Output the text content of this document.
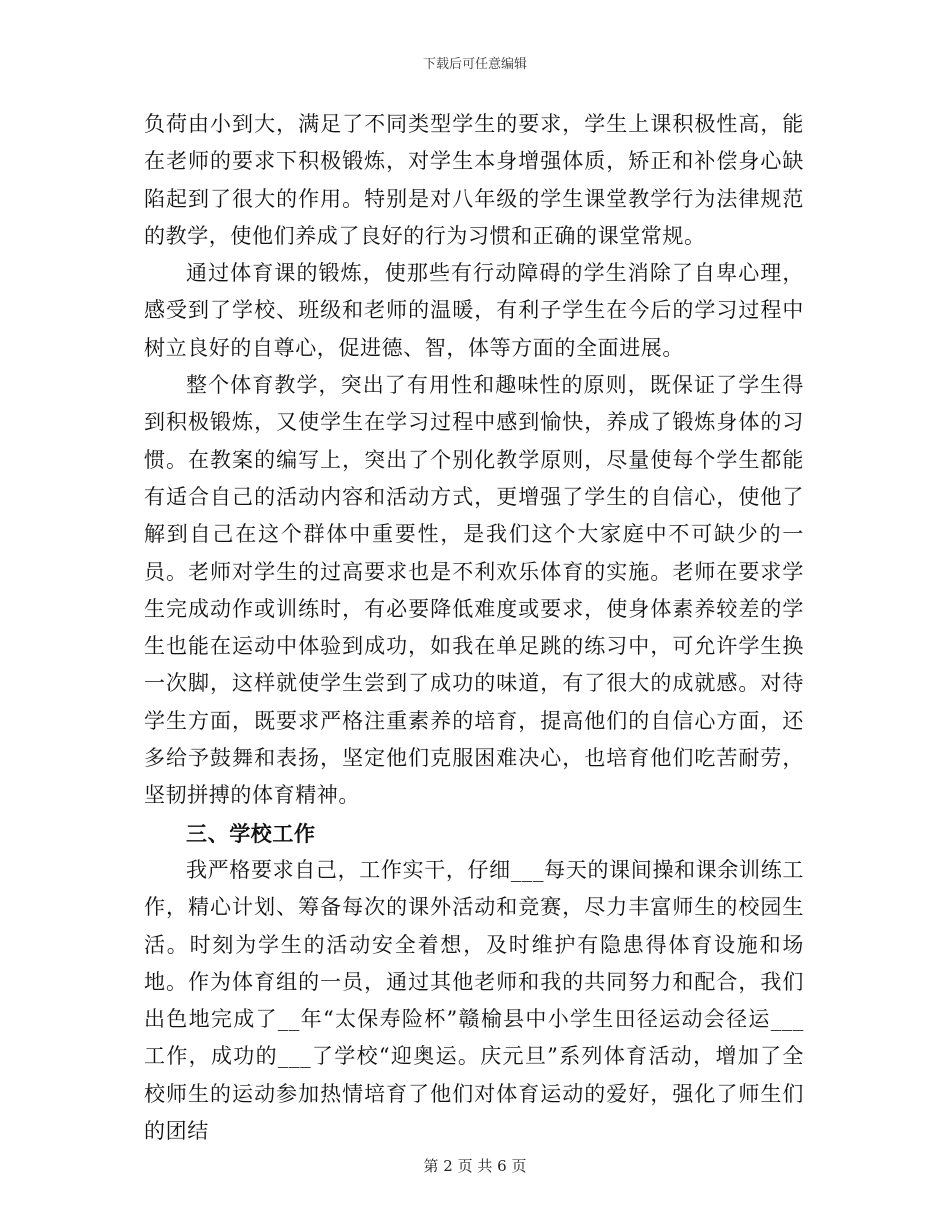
下载后可任意编辑

负荷由小到大，满足了不同类型学生的要求，学生上课积极性高，能在老师的要求下积极锻炼，对学生本身增强体质，矫正和补偿身心缺陷起到了很大的作用。特别是对八年级的学生课堂教学行为法律规范的教学，使他们养成了良好的行为习惯和正确的课堂常规。

通过体育课的锻炼，使那些有行动障碍的学生消除了自卑心理，感受到了学校、班级和老师的温暖，有利子学生在今后的学习过程中树立良好的自尊心，促进德、智，体等方面的全面进展。

整个体育教学，突出了有用性和趣味性的原则，既保证了学生得到积极锻炼，又使学生在学习过程中感到愉快，养成了锻炼身体的习惯。在教案的编写上，突出了个别化教学原则，尽量使每个学生都能有适合自己的活动内容和活动方式，更增强了学生的自信心，使他了解到自己在这个群体中重要性，是我们这个大家庭中不可缺少的一员。老师对学生的过高要求也是不利欢乐体育的实施。老师在要求学生完成动作或训练时，有必要降低难度或要求，使身体素养较差的学生也能在运动中体验到成功，如我在单足跳的练习中，可允许学生换一次脚，这样就使学生尝到了成功的味道，有了很大的成就感。对待学生方面，既要求严格注重素养的培育，提高他们的自信心方面，还多给予鼓舞和表扬，坚定他们克服困难决心，也培育他们吃苦耐劳，坚韧拼搏的体育精神。

三、学校工作

我严格要求自己，工作实干，仔细___每天的课间操和课余训练工作，精心计划、筹备每次的课外活动和竞赛，尽力丰富师生的校园生活。时刻为学生的活动安全着想，及时维护有隐患得体育设施和场地。作为体育组的一员，通过其他老师和我的共同努力和配合，我们出色地完成了__年“太保寿险杯”赣榆县中小学生田径运动会径运___工作，成功的___了学校“迎奥运。庆元旦”系列体育活动，增加了全校师生的运动参加热情培育了他们对体育运动的爱好，强化了师生们的团结

第 2 页 共 6 页
